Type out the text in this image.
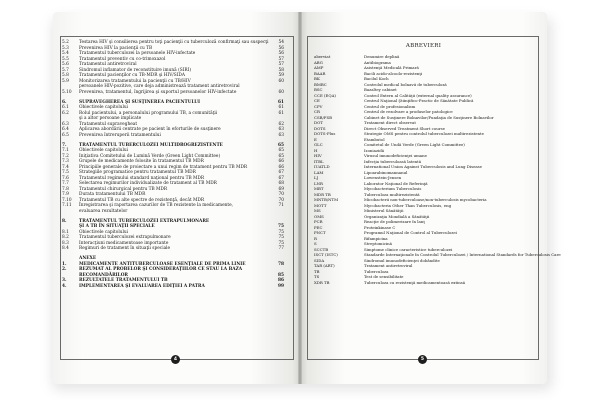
5.2	Testarea HIV şi consilierea pentru toţi pacienţii cu tuberculoză confirmaţi sau suspecţi	54
5.3	Prevenirea HIV la pacienţii cu TB	56
5.4	Tratamentul tuberculozei la persoanele HIV-infectate	56
5.5	Tratamentul preventiv cu co-trimoxazol	57
5.6	Tratamentul antiretroviral	57
5.7	Sindromul inflamator de reconstituire imună (SIRI)	58
5.8	Tratamentul pacienţilor cu TB-MDR şi HIV/SIDA	59
5.9	Monitorizarea tratamentului la pacienţii cu TB/HIV	60
persoanele HIV-pozitive, care deja administrează tratament antiretroviral
5.10	Prevenirea, tratamentul, îngrijirea şi suportul persoanelor HIV-infectate	60
6.	SUPRAVEGHEREA ŞI SUSŢINEREA PACIENTULUI	61
6.1	Obiectivele capitolului	61
6.2	Rolul pacientului, a personalului programului TB, a comunităţii	61
şi a altor persoane implicate
6.3	Tratamentul supravegheat	62
6.4	Aplicarea abordării centrate pe pacient în eforturile de susţinere	63
6.5	Prevenirea întreruperii tratamentului	63
7.	TRATAMENTUL TUBERCULOZEI MULTIDROGREZISTENTE	65
7.1	Obiectivele capitolului	65
7.2	Iniţiativa Comitetului de Lumină Verde (Green Light Committee)	65
7.3	Grupele de medicamente folosite în tratamentul TB MDR	66
7.4	Principiile generale de proiectare a unui regim de tratament pentru TB MDR	66
7.5	Strategiile programatice pentru tratamentul TB MDR	67
7.6	Tratamentul regimului standard naţional pentru TB MDR	67
7.7	Selectarea regimurilor individualizate de tratament al TB MDR	68
7.8	Tratamentul chirurgical pentru TB MDR	69
7.9	Durata tratamentului TB MDR	70
7.10	Tratamentul TB cu alte spectre de rezistenţă, decât MDR	70
7.11	Înregistrarea şi raportarea cazurilor de TB rezistente la medicamente,	71
evaluarea rezultatelor
8.	TRATAMENTUL TUBERCULOZEI EXTRAPULMONARE
ŞI A TB ÎN SITUAŢII SPECIALE	75
8.1	Obiectivele capitolului	75
8.2	Tratamentul tuberculozei extrapulmonare	75
8.3	Interacţiuni medicamentoase importante	75
8.4	Regimuri de tratament în situaţii speciale	77
ANEXE
1.	MEDICAMENTE ANTITUBERCULOASE ESENŢIALE DE PRIMA LINIE	78
2.	REZUMAT AL PROBELOR ŞI CONSIDERAŢIILOR CE STAU LA BAZA
RECOMANDĂRILOR	85
3.	REZULTATELE TRATAMENTULUI TB	86
4.	IMPLEMENTAREA ŞI EVALUAREA EDIŢIEI A PATRA	99
4
ABREVIERI
aberviat	Denumire deplină
ABG	Antibiograma
AMP	Asistenţă Medicală Primară
BAAR	Bacili acido-alcoolo-rezistenţi
BK	Bacilul Koch
BMBC	Controlul medical bolnavii de tuberculoză
BSC	Bazaltey cabinet
CCE (EQA)	Control Extern al Calităţii (external quality assurance)
CE	Centrul Naţional Ştiinţifico-Practic de Sănătate Publică
CPV	Centrul de profesionalism
CR	Centrul de rezolvare a produselor patologice
CSB/FSB	Cabinet de Susţinere Bolnavilor/Fundaţia de Susţinere Bolnavilor
DOT	Tratament direct observat
DOTS	Direct Observed Treatment Short course
DOTS-Plus	Strategie OMS pentru controlul tuberculozei multirezistente
E	Etambutol
GLC	Comitetul de Undă Verde (Green Light Committee)
H	Izoniazidă
HIV	Virusul imunodeficienţei umane
ITBL	Infecţia tuberculoasă latentă
IUATLD	International Union Against Tuberculosis and Lung Disease
LAM	Lipoarabinomannanul
LJ	Lowenstein-Jensen
LNR	Laborator Naţional de Referinţă
MBT	Mycobacterium Tuberculosis
MDR TB	Tuberculoza multirezistentă
MNTB/NTM	Micobacterii non-tuberculoase/non-tuberculosis mycobacteria
MOTT	Mycobacteria Other Than Tuberculosis, eng
MS	Ministerul Sănătăţii
OMS	Organizaţia Mondială a Sănătăţii
PCR	Reacţie de polimerizare în lanţ
PEC	Proteinkinase C
PNCT	Programul Naţional de Control al Tuberculozei
R	Rifampicina
S	Streptomicină
SCCTB	Simptome clinice caracteristice tuberculozei
ISCT (ISTC)	Standarde Internaţionale în Controlul Tuberculozei / International Standards for Tuberculosis Care
SIDA	Sindromul imunodeficienţei dobândite
TAR (ART)	Tratament antiretroviral
TB	Tuberculoza
TS	Test de sensibilitate
XDR TB	Tuberculoza cu rezistenţă medicamentoasă extinsă
5
